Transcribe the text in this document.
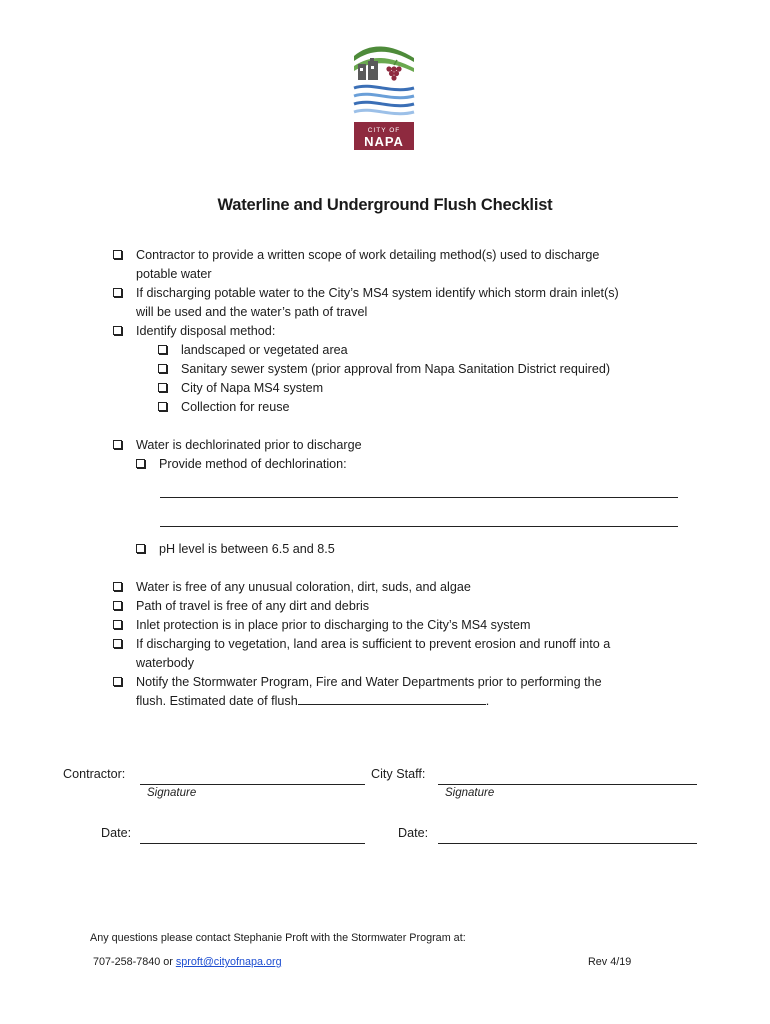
CITY OF
NAPA
Waterline and Underground Flush Checklist
Contractor to provide a written scope of work detailing method(s) used to discharge
potable water
If discharging potable water to the City’s MS4 system identify which storm drain inlet(s)
will be used and the water’s path of travel
Identify disposal method:
landscaped or vegetated area
Sanitary sewer system (prior approval from Napa Sanitation District required)
City of Napa MS4 system
Collection for reuse
Water is dechlorinated prior to discharge
Provide method of dechlorination:
pH level is between 6.5 and 8.5
Water is free of any unusual coloration, dirt, suds, and algae
Path of travel is free of any dirt and debris
Inlet protection is in place prior to discharging to the City’s MS4 system
If discharging to vegetation, land area is sufficient to prevent erosion and runoff into a
waterbody
Notify the Stormwater Program, Fire and Water Departments prior to performing the
flush. Estimated date of flush	.
Contractor:
Signature
City Staff:
Signature
Date:	Date:
Any questions please contact Stephanie Proft with the Stormwater Program at:
707-258-7840 or sproft@cityofnapa.org	Rev 4/19
